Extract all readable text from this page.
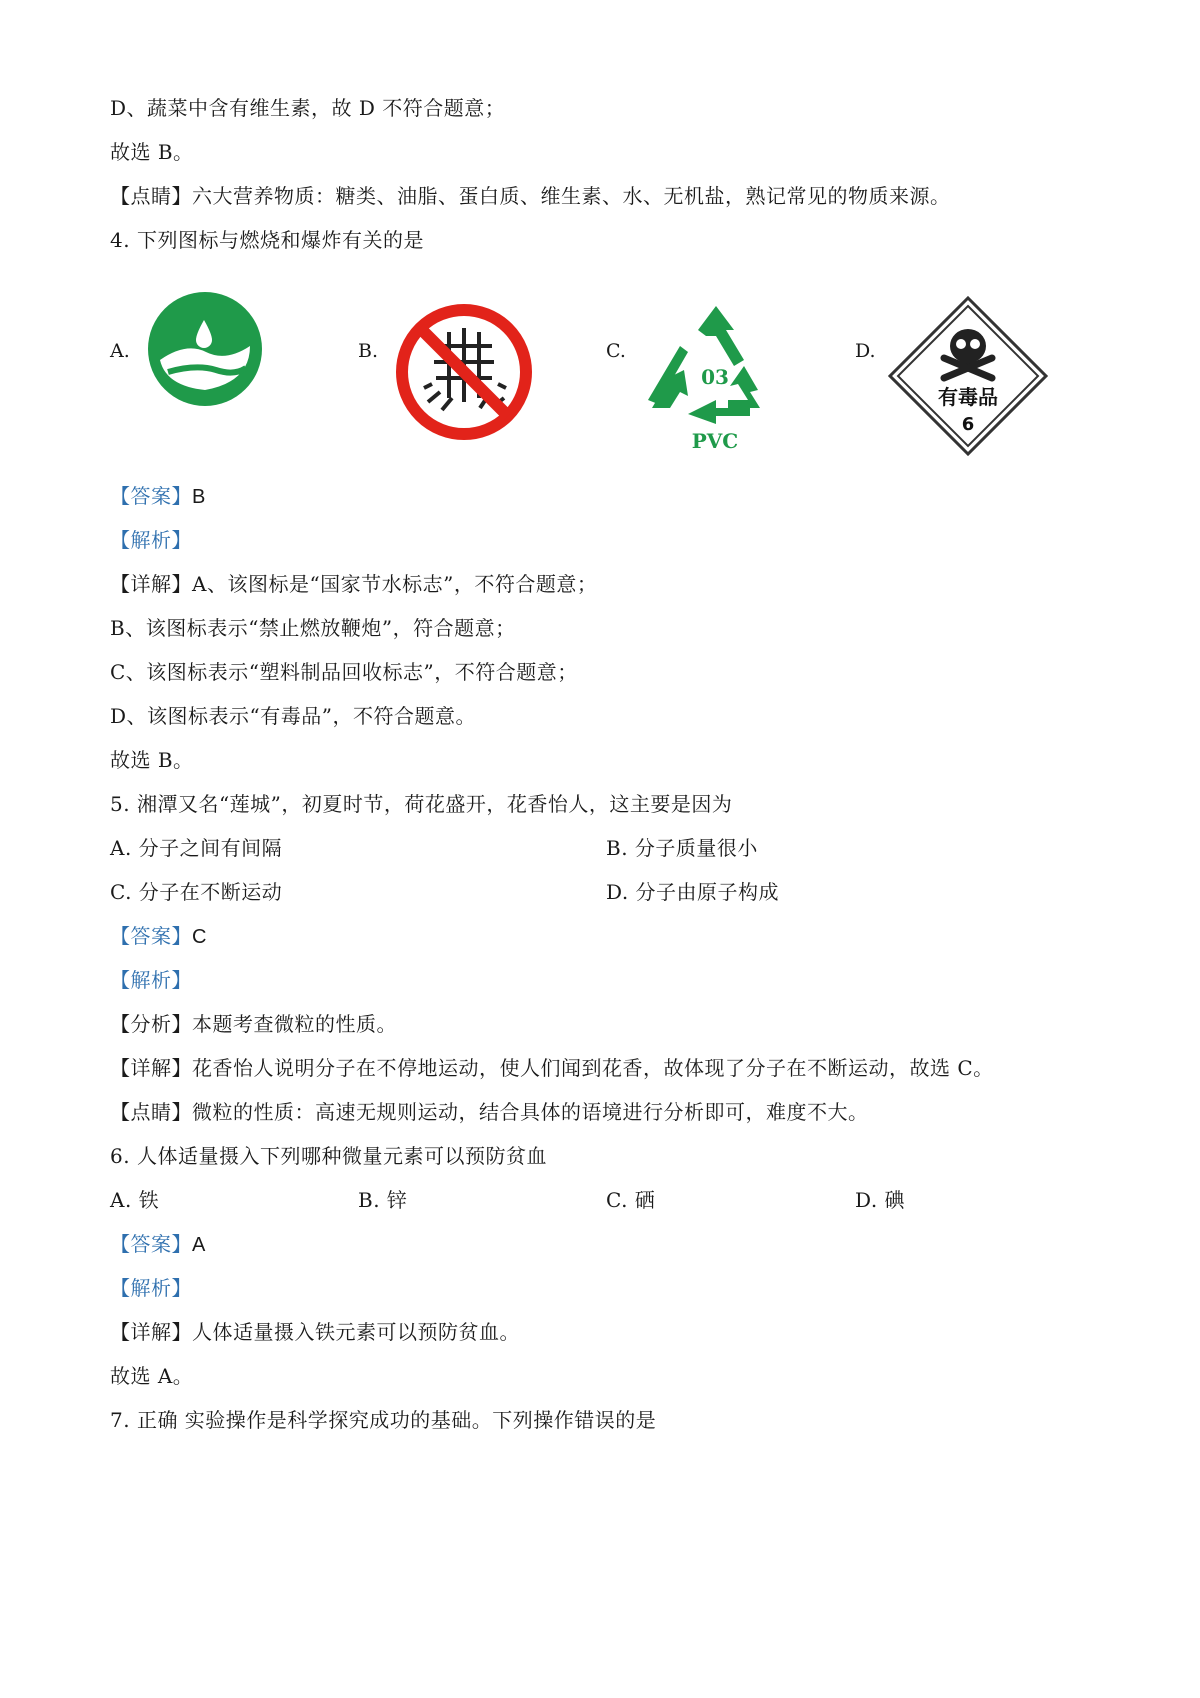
D、蔬菜中含有维生素，故 D 不符合题意；
故选 B。
【点睛】六大营养物质：糖类、油脂、蛋白质、维生素、水、无机盐，熟记常见的物质来源。
4. 下列图标与燃烧和爆炸有关的是
A.	B.	C.
03
PVC
D.
有毒品
6
【答案】B
【解析】
【详解】A、该图标是“国家节水标志”，不符合题意；
B、该图标表示“禁止燃放鞭炮”，符合题意；
C、该图标表示“塑料制品回收标志”，不符合题意；
D、该图标表示“有毒品”，不符合题意。
故选 B。
5. 湘潭又名“莲城”，初夏时节，荷花盛开，花香怡人，这主要是因为
A. 分子之间有间隔	B. 分子质量很小
C. 分子在不断运动	D. 分子由原子构成
【答案】C
【解析】
【分析】本题考查微粒的性质。
【详解】花香怡人说明分子在不停地运动，使人们闻到花香，故体现了分子在不断运动，故选 C。
【点睛】微粒的性质：高速无规则运动，结合具体的语境进行分析即可，难度不大。
6. 人体适量摄入下列哪种微量元素可以预防贫血
A. 铁	B. 锌	C. 硒	D. 碘
【答案】A
【解析】
【详解】人体适量摄入铁元素可以预防贫血。
故选 A。
7. 正确 实验操作是科学探究成功的基础。下列操作错误的是
